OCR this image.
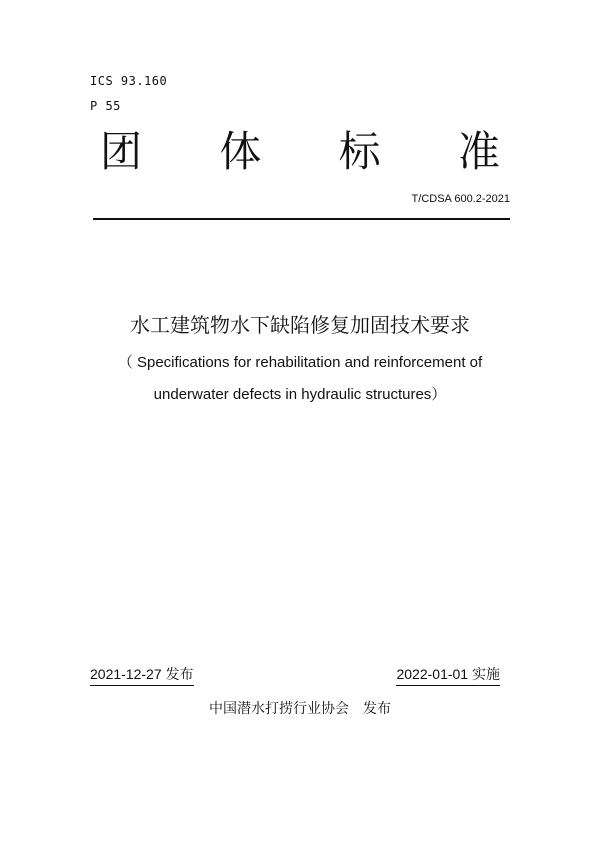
ICS 93.160
P 55
团 体 标 准
T/CDSA 600.2-2021
水工建筑物水下缺陷修复加固技术要求
（ Specifications for rehabilitation and reinforcement of
underwater defects in hydraulic structures）
2021-12-27 发布	2022-01-01 实施
中国潜水打捞行业协会　发布
